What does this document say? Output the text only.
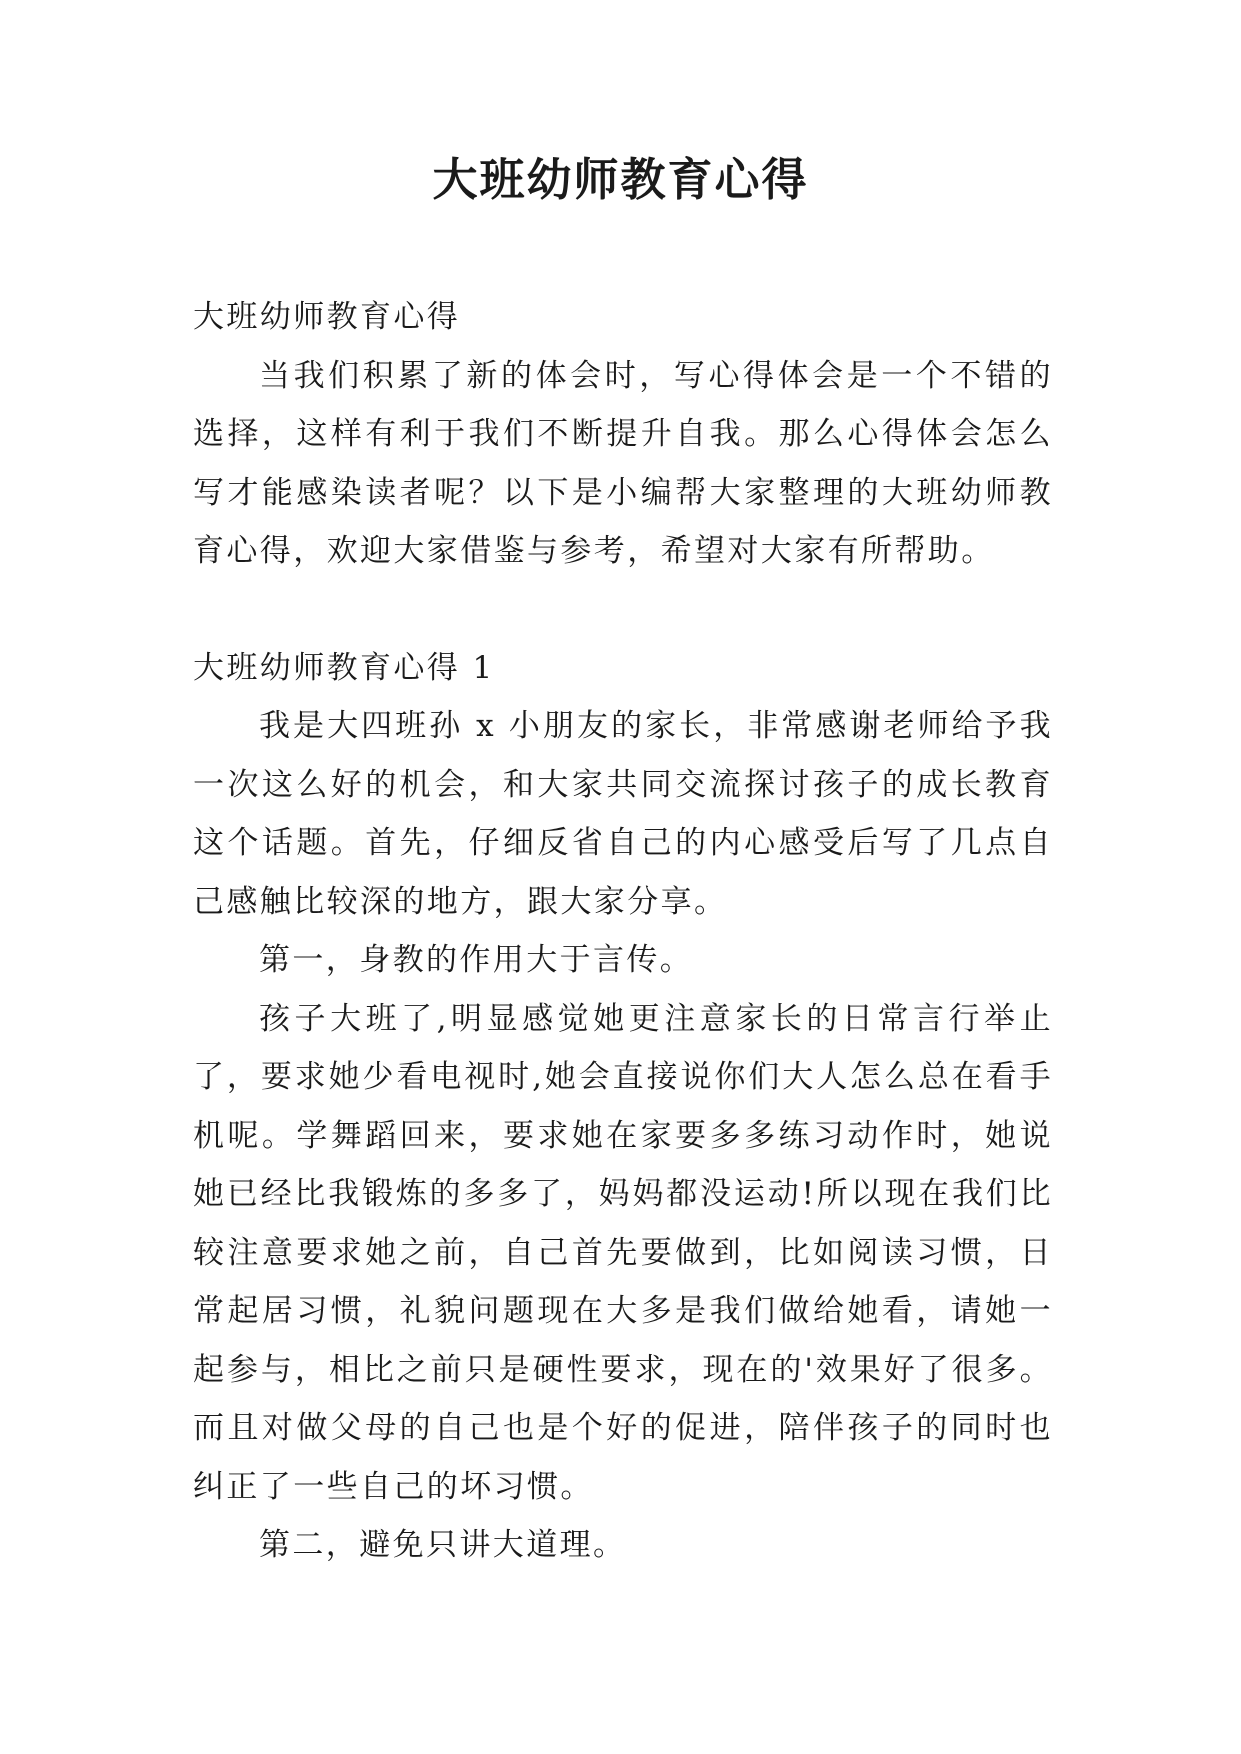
大班幼师教育心得

大班幼师教育心得

当我们积累了新的体会时，写心得体会是一个不错的选择，这样有利于我们不断提升自我。那么心得体会怎么写才能感染读者呢？以下是小编帮大家整理的大班幼师教育心得，欢迎大家借鉴与参考，希望对大家有所帮助。

大班幼师教育心得 1

我是大四班孙 x 小朋友的家长，非常感谢老师给予我一次这么好的机会，和大家共同交流探讨孩子的成长教育这个话题。首先，仔细反省自己的内心感受后写了几点自己感触比较深的地方，跟大家分享。

第一，身教的作用大于言传。

孩子大班了,明显感觉她更注意家长的日常言行举止了，要求她少看电视时,她会直接说你们大人怎么总在看手机呢。学舞蹈回来，要求她在家要多多练习动作时，她说她已经比我锻炼的多多了，妈妈都没运动!所以现在我们比较注意要求她之前，自己首先要做到，比如阅读习惯，日常起居习惯，礼貌问题现在大多是我们做给她看，请她一起参与，相比之前只是硬性要求，现在的'效果好了很多。而且对做父母的自己也是个好的促进，陪伴孩子的同时也纠正了一些自己的坏习惯。

第二，避免只讲大道理。
